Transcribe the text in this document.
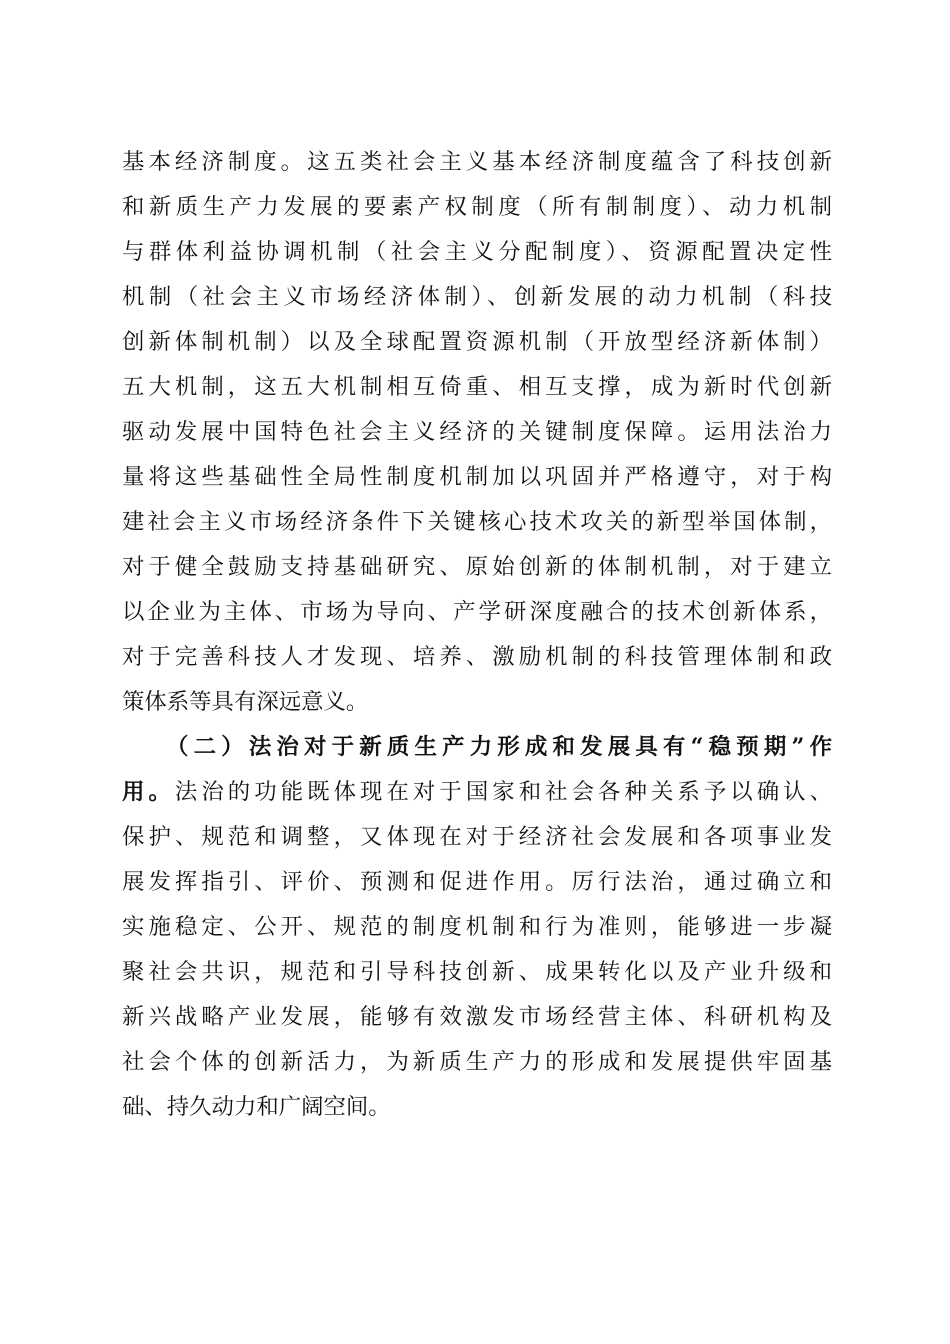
基本经济制度。这五类社会主义基本经济制度蕴含了科技创新
和新质生产力发展的要素产权制度（所有制制度）、动力机制
与群体利益协调机制（社会主义分配制度）、资源配置决定性
机制（社会主义市场经济体制）、创新发展的动力机制（科技
创新体制机制）以及全球配置资源机制（开放型经济新体制）
五大机制，这五大机制相互倚重、相互支撑，成为新时代创新
驱动发展中国特色社会主义经济的关键制度保障。运用法治力
量将这些基础性全局性制度机制加以巩固并严格遵守，对于构
建社会主义市场经济条件下关键核心技术攻关的新型举国体制，
对于健全鼓励支持基础研究、原始创新的体制机制，对于建立
以企业为主体、市场为导向、产学研深度融合的技术创新体系，
对于完善科技人才发现、培养、激励机制的科技管理体制和政
策体系等具有深远意义。
（二）法治对于新质生产力形成和发展具有“稳预期”作
用。法治的功能既体现在对于国家和社会各种关系予以确认、
保护、规范和调整，又体现在对于经济社会发展和各项事业发
展发挥指引、评价、预测和促进作用。厉行法治，通过确立和
实施稳定、公开、规范的制度机制和行为准则，能够进一步凝
聚社会共识，规范和引导科技创新、成果转化以及产业升级和
新兴战略产业发展，能够有效激发市场经营主体、科研机构及
社会个体的创新活力，为新质生产力的形成和发展提供牢固基
础、持久动力和广阔空间。
